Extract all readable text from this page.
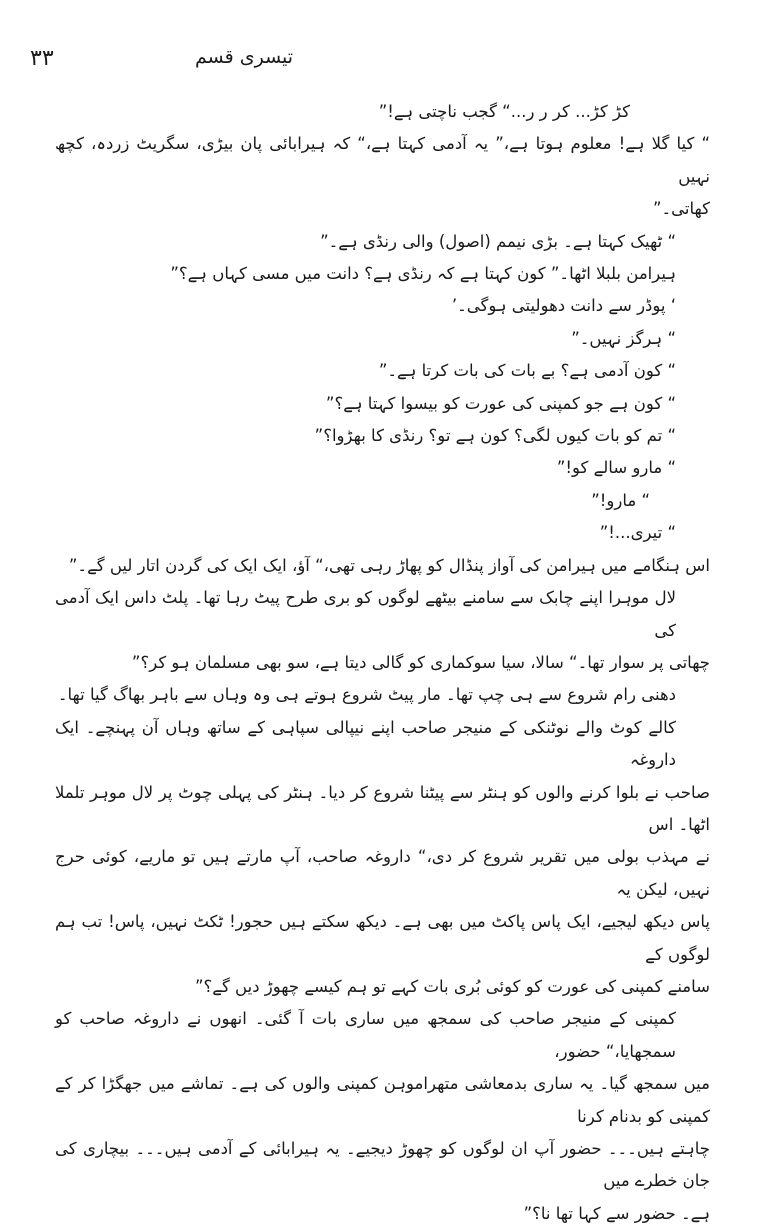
۳۳	تیسری قسم

کڑ کڑ... کر ر ر...“ گجب ناچتی ہے!”

“ کیا گلا ہے! معلوم ہوتا ہے،” یہ آدمی کہتا ہے،“ کہ ہیرابائی پان بیڑی، سگریٹ زردہ، کچھ نہیں

کھاتی۔”

“ ٹھیک کہتا ہے۔ بڑی نیمم (اصول) والی رنڈی ہے۔”

ہیرامن بلبلا اٹھا۔” کون کہتا ہے کہ رنڈی ہے؟ دانت میں مسی کہاں ہے؟”

‘ پوڈر سے دانت دھولیتی ہوگی۔’

“ ہرگز نہیں۔”

“ کون آدمی ہے؟ بے بات کی بات کرتا ہے۔”

“ کون ہے جو کمپنی کی عورت کو بیسوا کہتا ہے؟”

“ تم کو بات کیوں لگی؟ کون ہے تو؟ رنڈی کا بھڑوا؟”

“ مارو سالے کو!”

“ مارو!”

“ تیری...!”

اس ہنگامے میں ہیرامن کی آواز پنڈال کو پھاڑ رہی تھی،“ آؤ، ایک ایک کی گردن اتار لیں گے۔”

لال موہرا اپنے چابک سے سامنے بیٹھے لوگوں کو بری طرح پیٹ رہا تھا۔ پلٹ داس ایک آدمی کی

چھاتی پر سوار تھا۔“ سالا، سیا سوکماری کو گالی دیتا ہے، سو بھی مسلمان ہو کر؟”

دھنی رام شروع سے ہی چپ تھا۔ مار پیٹ شروع ہوتے ہی وہ وہاں سے باہر بھاگ گیا تھا۔

کالے کوٹ والے نوٹنکی کے منیجر صاحب اپنے نیپالی سپاہی کے ساتھ وہاں آن پہنچے۔ ایک داروغہ

صاحب نے بلوا کرنے والوں کو ہنٹر سے پیٹنا شروع کر دیا۔ ہنٹر کی پہلی چوٹ پر لال موہر تلملا اٹھا۔ اس

نے مہذب بولی میں تقریر شروع کر دی،“ داروغہ صاحب، آپ مارتے ہیں تو ماریے، کوئی حرج نہیں، لیکن یہ

پاس دیکھ لیجیے، ایک پاس پاکٹ میں بھی ہے۔ دیکھ سکتے ہیں حجور! ٹکٹ نہیں، پاس! تب ہم لوگوں کے

سامنے کمپنی کی عورت کو کوئی بُری بات کہے تو ہم کیسے چھوڑ دیں گے؟”

کمپنی کے منیجر صاحب کی سمجھ میں ساری بات آ گئی۔ انھوں نے داروغہ صاحب کو سمجھایا،“ حضور،

میں سمجھ گیا۔ یہ ساری بدمعاشی متھراموہن کمپنی والوں کی ہے۔ تماشے میں جھگڑا کر کے کمپنی کو بدنام کرنا

چاہتے ہیں۔۔۔ حضور آپ ان لوگوں کو چھوڑ دیجیے۔ یہ ہیرابائی کے آدمی ہیں۔۔۔ بیچاری کی جان خطرے میں

ہے۔ حضور سے کہا تھا نا؟”
